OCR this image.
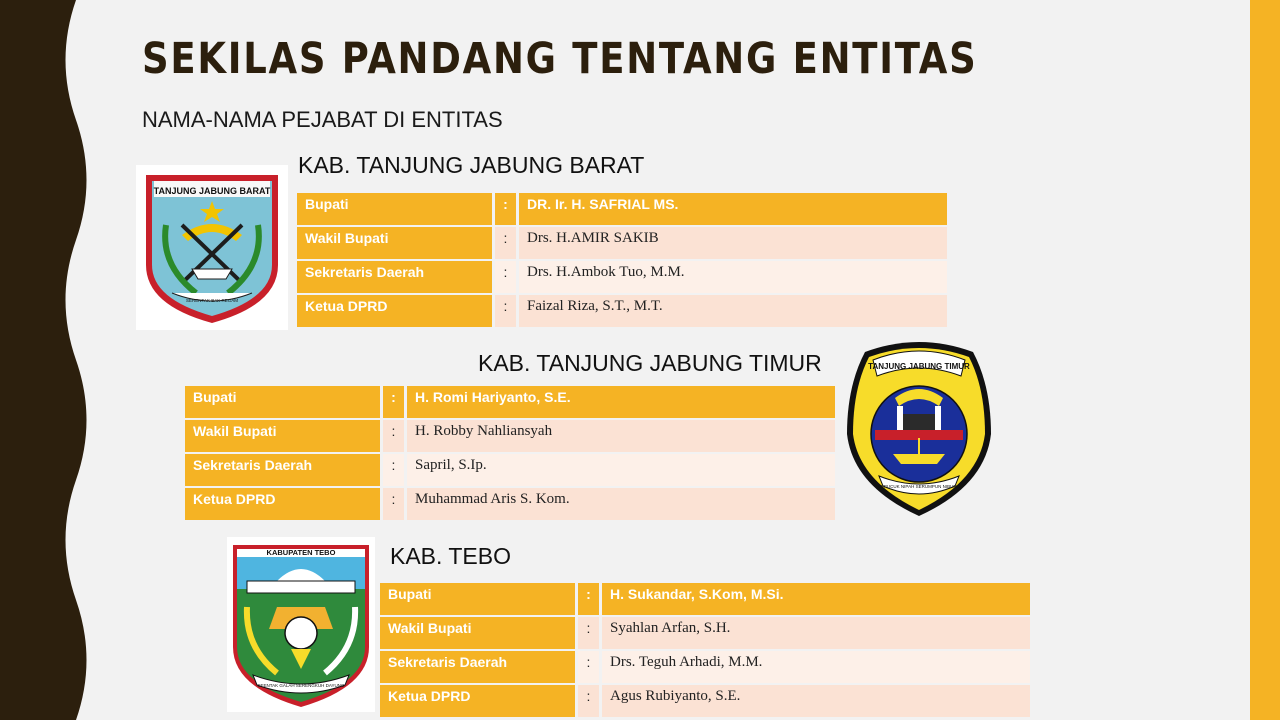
SEKILAS PANDANG TENTANG ENTITAS
NAMA-NAMA PEJABAT DI ENTITAS
TANJUNG JABUNG BARAT
SERENTAK BAK REGAM
KAB. TANJUNG JABUNG BARAT
Bupati	:	DR. Ir. H. SAFRIAL MS.
Wakil Bupati	:	Drs. H.AMIR SAKIB
Sekretaris Daerah	:	Drs. H.Ambok Tuo, M.M.
Ketua DPRD	:	Faizal Riza, S.T., M.T.
KAB. TANJUNG JABUNG TIMUR
Bupati	:	H. Romi Hariyanto, S.E.
Wakil Bupati	:	H. Robby Nahliansyah
Sekretaris Daerah	:	Sapril, S.Ip.
Ketua DPRD	:	Muhammad Aris S. Kom.
TANJUNG JABUNG TIMUR
SEPUCUK NIPAH SERUMPUN NIBUNG
KABUPATEN TEBO
SEENTAK GALAH SERENGKUH DAYUNG
KAB. TEBO
Bupati	:	H. Sukandar, S.Kom, M.Si.
Wakil Bupati	:	Syahlan Arfan, S.H.
Sekretaris Daerah	:	Drs. Teguh Arhadi, M.M.
Ketua DPRD	:	Agus Rubiyanto, S.E.
